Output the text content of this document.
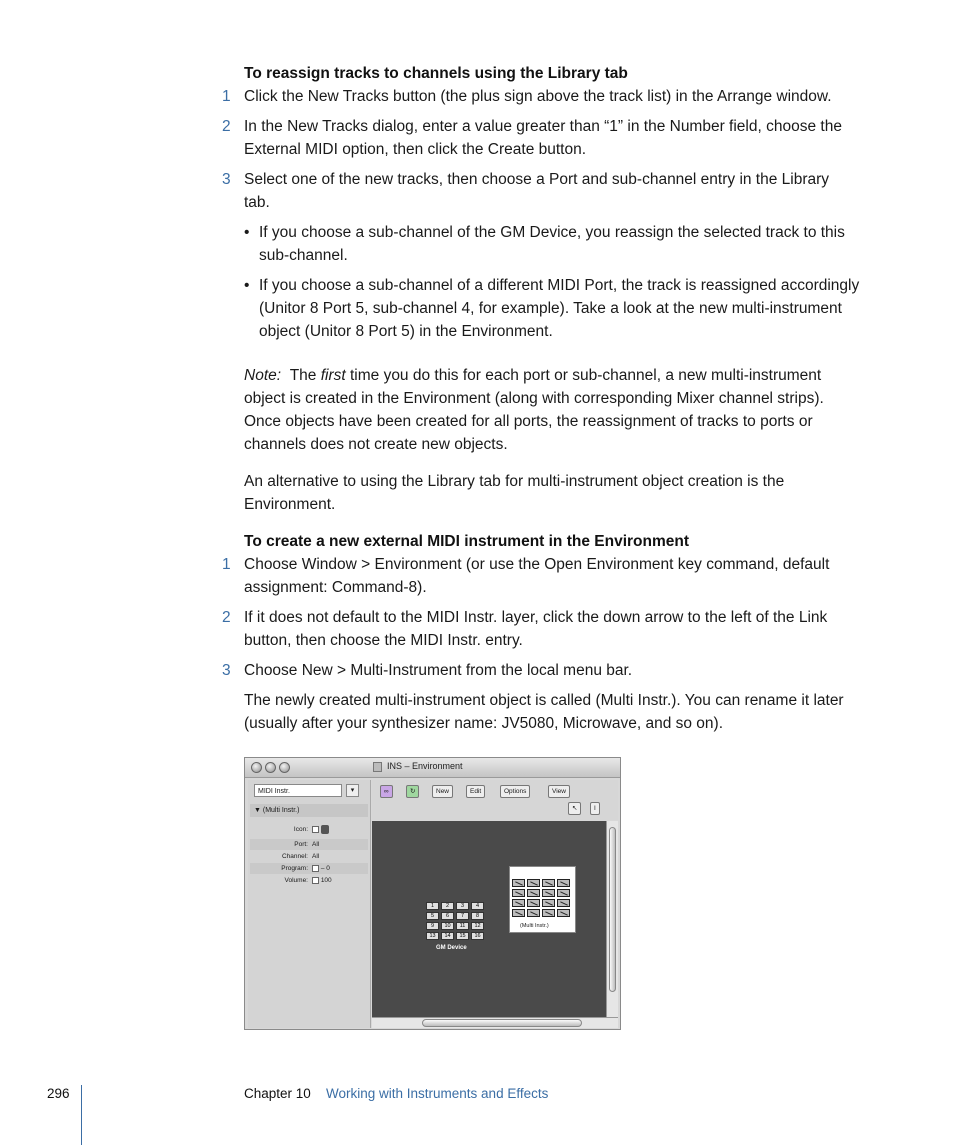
To reassign tracks to channels using the Library tab
1 Click the New Tracks button (the plus sign above the track list) in the Arrange window.
2 In the New Tracks dialog, enter a value greater than “1” in the Number field, choose the
External MIDI option, then click the Create button.
3 Select one of the new tracks, then choose a Port and sub-channel entry in the Library
tab.
• If you choose a sub-channel of the GM Device, you reassign the selected track to this
sub-channel.
• If you choose a sub-channel of a different MIDI Port, the track is reassigned accordingly
(Unitor 8 Port 5, sub-channel 4, for example). Take a look at the new multi-instrument
object (Unitor 8 Port 5) in the Environment.
Note: The first time you do this for each port or sub-channel, a new multi-instrument
object is created in the Environment (along with corresponding Mixer channel strips).
Once objects have been created for all ports, the reassignment of tracks to ports or
channels does not create new objects.
An alternative to using the Library tab for multi-instrument object creation is the
Environment.
To create a new external MIDI instrument in the Environment
1 Choose Window > Environment (or use the Open Environment key command, default
assignment: Command-8).
2 If it does not default to the MIDI Instr. layer, click the down arrow to the left of the Link
button, then choose the MIDI Instr. entry.
3 Choose New > Multi-Instrument from the local menu bar.
The newly created multi-instrument object is called (Multi Instr.). You can rename it later
(usually after your synthesizer name: JV5080, Microwave, and so on).
INS – Environment
MIDI Instr.	▾
▼ (Multi Instr.)
Icon:

Port: All
Channel: All
Program:	– 0
Volume:	100
∞	↻	New	Edit	Options	View
↖	I
1	2	3	4
5	6	7	8
9	10	11	12
13	14	15	16
GM Device
(Multi Instr.)
296	Chapter 10 Working with Instruments and Effects
